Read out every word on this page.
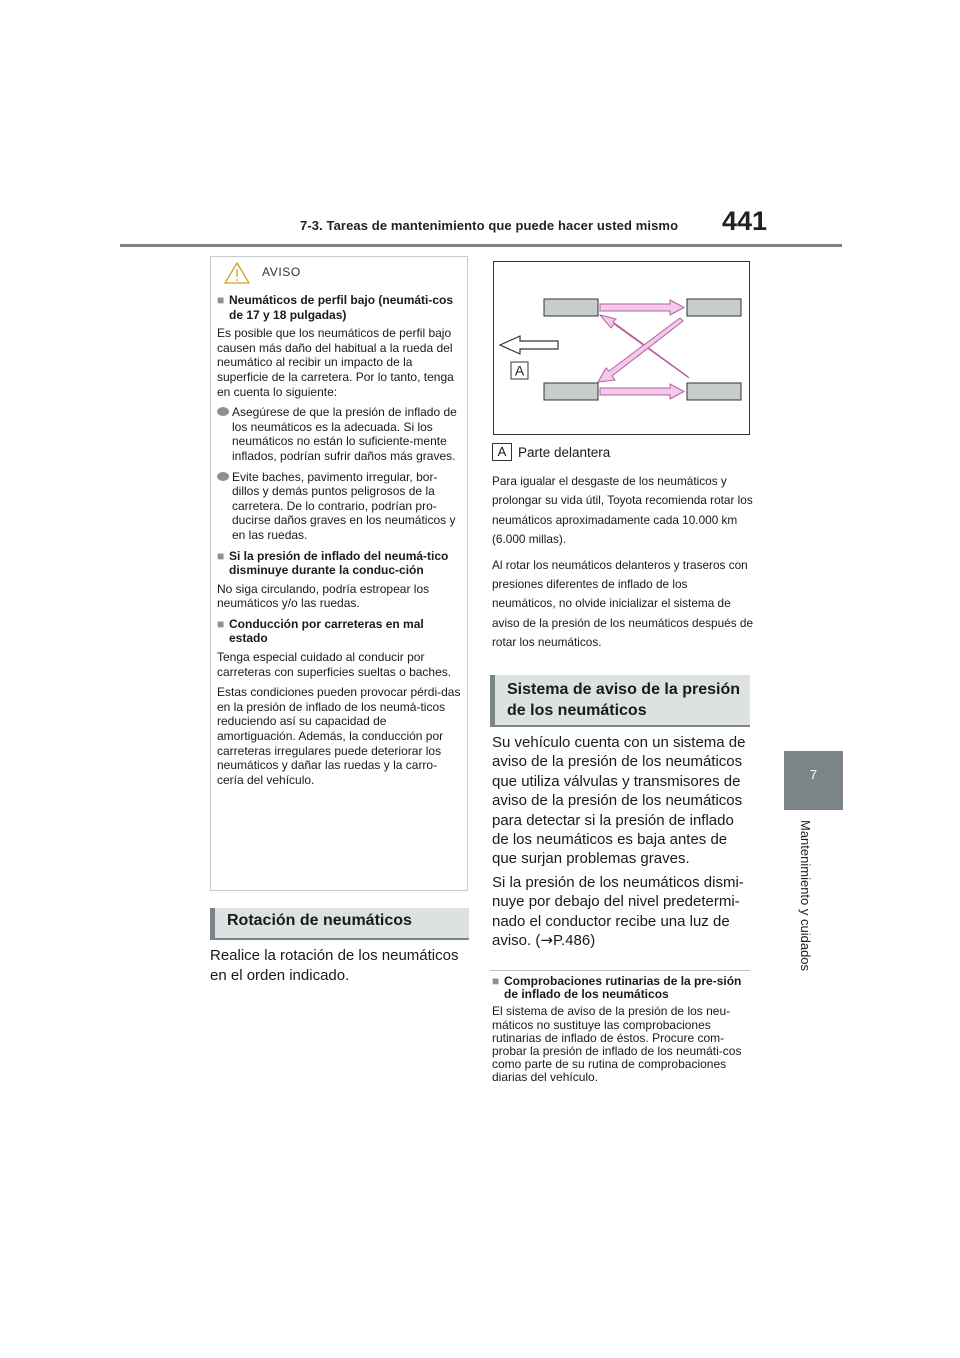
7-3. Tareas de mantenimiento que puede hacer usted mismo 441
7
Mantenimiento y cuidados
AVISO
■ Neumáticos de perfil bajo (neumáti-cos de 17 y 18 pulgadas)

Es posible que los neumáticos de perfil bajo causen más daño del habitual a la rueda del neumático al recibir un impacto de la superficie de la carretera. Por lo tanto, tenga en cuenta lo siguiente:

Asegúrese de que la presión de inflado de los neumáticos es la adecuada. Si los neumáticos no están lo suficiente-mente inflados, podrían sufrir daños más graves.
Evite baches, pavimento irregular, bor-dillos y demás puntos peligrosos de la carretera. De lo contrario, podrían pro-ducirse daños graves en los neumáticos y en las ruedas.
■ Si la presión de inflado del neumá-tico disminuye durante la conduc-ción

No siga circulando, podría estropear los neumáticos y/o las ruedas.

■ Conducción por carreteras en mal estado

Tenga especial cuidado al conducir por carreteras con superficies sueltas o baches.

Estas condiciones pueden provocar pérdi-das en la presión de inflado de los neumá-ticos reduciendo así su capacidad de amortiguación. Además, la conducción por carreteras irregulares puede deteriorar los neumáticos y dañar las ruedas y la carro-cería del vehículo.

Rotación de neumáticos
Realice la rotación de los neumáticos en el orden indicado.
A
A Parte delantera

Para igualar el desgaste de los neumáticos y prolongar su vida útil, Toyota recomienda rotar los neumáticos aproximadamente cada 10.000 km (6.000 millas).

Al rotar los neumáticos delanteros y traseros con presiones diferentes de inflado de los neumáticos, no olvide inicializar el sistema de aviso de la presión de los neumáticos después de rotar los neumáticos.

Sistema de aviso de la presión de los neumáticos

Su vehículo cuenta con un sistema de aviso de la presión de los neumáticos que utiliza válvulas y transmisores de aviso de la presión de los neumáticos para detectar si la presión de inflado de los neumáticos es baja antes de que surjan problemas graves.

Si la presión de los neumáticos dismi-nuye por debajo del nivel predetermi-nado el conductor recibe una luz de aviso. (→P.486)

■ Comprobaciones rutinarias de la pre-sión de inflado de los neumáticos
El sistema de aviso de la presión de los neu-máticos no sustituye las comprobaciones rutinarias de inflado de éstos. Procure com-probar la presión de inflado de los neumáti-cos como parte de su rutina de comprobaciones diarias del vehículo.
